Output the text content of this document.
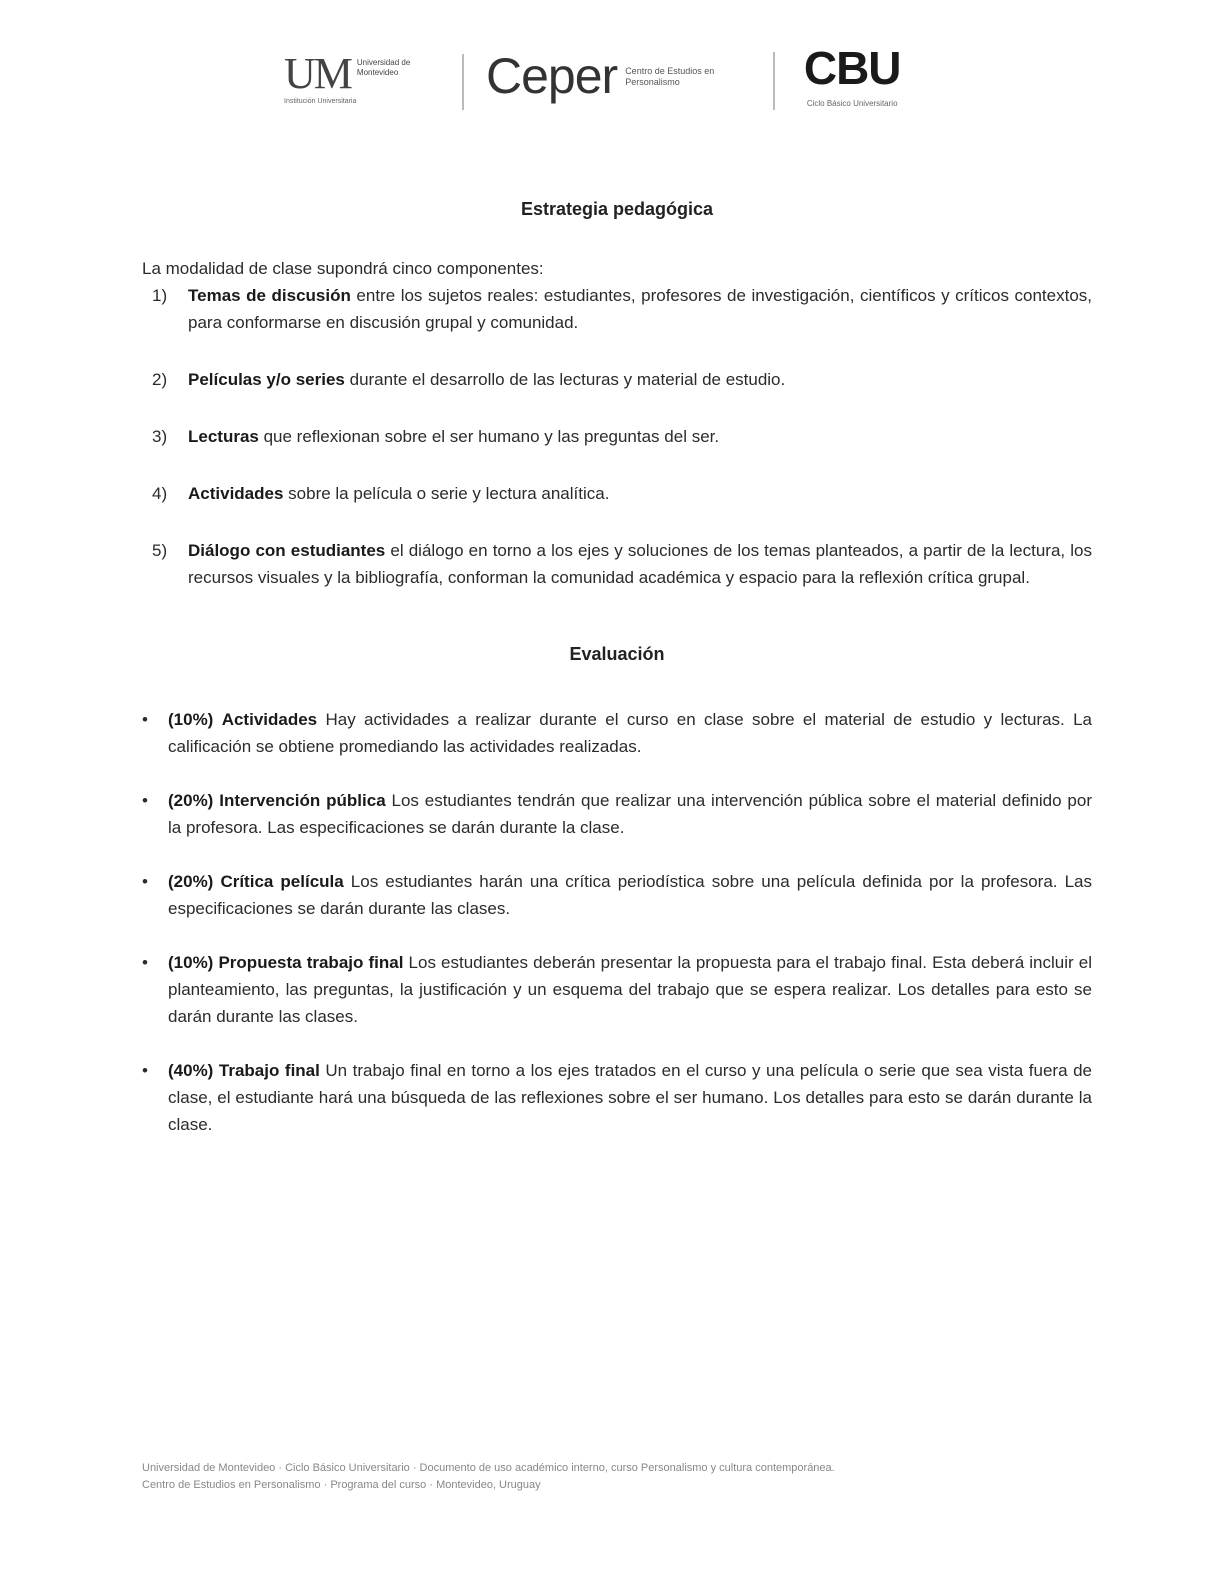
UM Universidad de Montevideo
Institución Universitaria	Ceper Centro de Estudios en Personalismo	CBU
Ciclo Básico Universitario
Estrategia pedagógica

La modalidad de clase supondrá cinco componentes:

1) Temas de discusión entre los sujetos reales: estudiantes, profesores de investigación, científicos y críticos contextos, para conformarse en discusión grupal y comunidad.
2) Películas y/o series durante el desarrollo de las lecturas y material de estudio.
3) Lecturas que reflexionan sobre el ser humano y las preguntas del ser.
4) Actividades sobre la película o serie y lectura analítica.
5) Diálogo con estudiantes el diálogo en torno a los ejes y soluciones de los temas planteados, a partir de la lectura, los recursos visuales y la bibliografía, conforman la comunidad académica y espacio para la reflexión crítica grupal.
Evaluación
• (10%) Actividades Hay actividades a realizar durante el curso en clase sobre el material de estudio y lecturas. La calificación se obtiene promediando las actividades realizadas.
• (20%) Intervención pública Los estudiantes tendrán que realizar una intervención pública sobre el material definido por la profesora. Las especificaciones se darán durante la clase.
• (20%) Crítica película Los estudiantes harán una crítica periodística sobre una película definida por la profesora. Las especificaciones se darán durante las clases.
• (10%) Propuesta trabajo final Los estudiantes deberán presentar la propuesta para el trabajo final. Esta deberá incluir el planteamiento, las preguntas, la justificación y un esquema del trabajo que se espera realizar. Los detalles para esto se darán durante las clases.
• (40%) Trabajo final Un trabajo final en torno a los ejes tratados en el curso y una película o serie que sea vista fuera de clase, el estudiante hará una búsqueda de las reflexiones sobre el ser humano. Los detalles para esto se darán durante la clase.
Universidad de Montevideo · Ciclo Básico Universitario · Documento de uso académico interno, curso Personalismo y cultura contemporánea.
Centro de Estudios en Personalismo · Programa del curso · Montevideo, Uruguay
